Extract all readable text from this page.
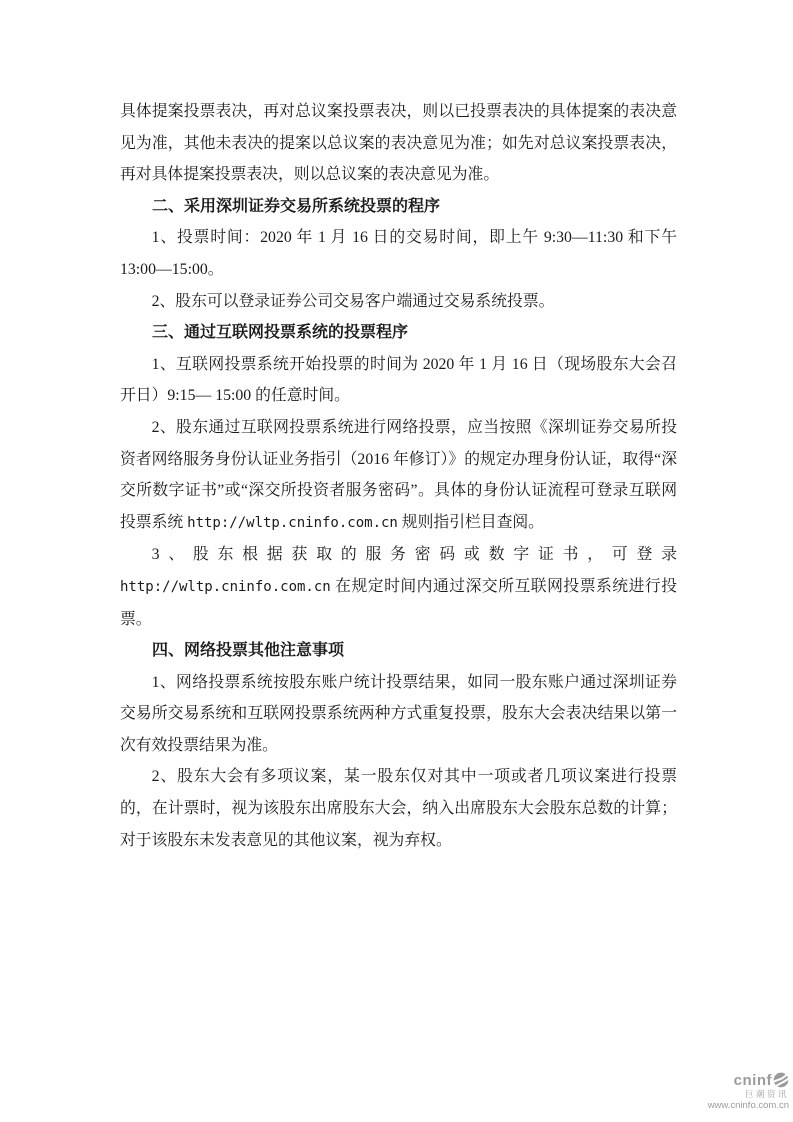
具体提案投票表决，再对总议案投票表决，则以已投票表决的具体提案的表决意见为准，其他未表决的提案以总议案的表决意见为准；如先对总议案投票表决，再对具体提案投票表决，则以总议案的表决意见为准。

二、采用深圳证券交易所系统投票的程序

1、投票时间：2020 年 1 月 16 日的交易时间，即上午 9:30—11:30 和下午 13:00—15:00。

2、股东可以登录证券公司交易客户端通过交易系统投票。

三、通过互联网投票系统的投票程序

1、互联网投票系统开始投票的时间为 2020 年 1 月 16 日（现场股东大会召开日）9:15— 15:00 的任意时间。

2、股东通过互联网投票系统进行网络投票，应当按照《深圳证券交易所投资者网络服务身份认证业务指引（2016 年修订）》的规定办理身份认证，取得“深交所数字证书”或“深交所投资者服务密码”。具体的身份认证流程可登录互联网投票系统 http://wltp.cninfo.com.cn 规则指引栏目查阅。

3、股东根据获取的服务密码或数字证书，可登录 http://wltp.cninfo.com.cn 在规定时间内通过深交所互联网投票系统进行投票。

四、网络投票其他注意事项

1、网络投票系统按股东账户统计投票结果，如同一股东账户通过深圳证券交易所交易系统和互联网投票系统两种方式重复投票，股东大会表决结果以第一次有效投票结果为准。

2、股东大会有多项议案，某一股东仅对其中一项或者几项议案进行投票的，在计票时，视为该股东出席股东大会，纳入出席股东大会股东总数的计算；对于该股东未发表意见的其他议案，视为弃权。

cninf
巨潮资讯
www.cninfo.com.cn
